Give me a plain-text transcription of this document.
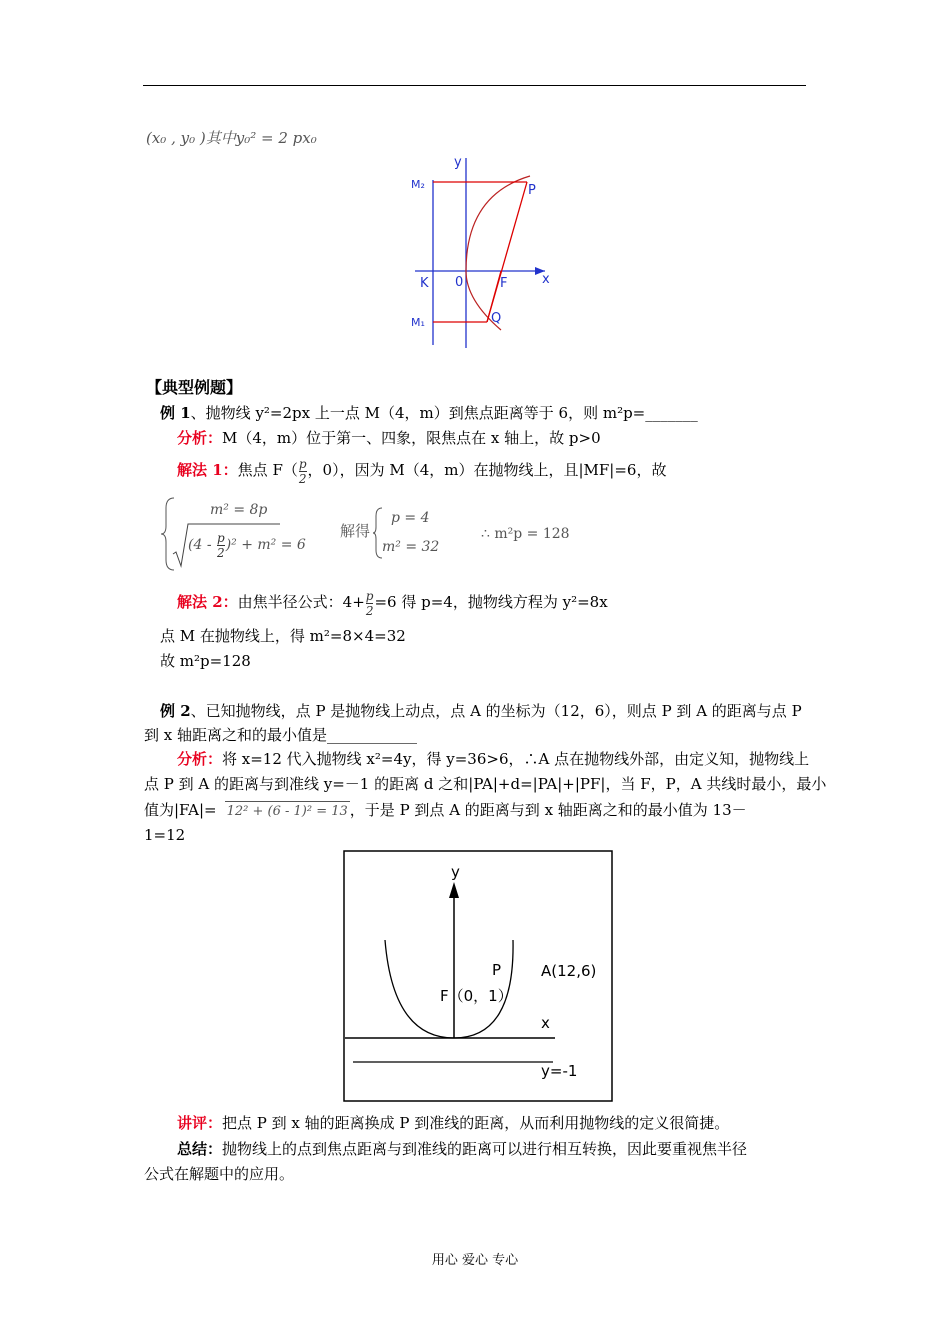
(x₀ , y₀ )其中y₀² = 2 px₀
y
x
M₂
M₁
K 0	F
P
Q
【典型例题】
例 1、抛物线 y²=2px 上一点 M（4，m）到焦点距离等于 6，则 m²p=_______
分析：M（4，m）位于第一、四象，限焦点在 x 轴上，故 p>0
解法 1：焦点 $F( \frac{p}{2}$ ，0），因为 M（4，m）在抛物线上，且|MF|=6，故
m² = 8p
$(4 - \frac{p}{2} )^2 + m^2 = 6$
解得
p = 4
m² = 32
∴ m²p = 128
解法 2：由焦半径公式：$4+ \frac{p}{2} =6$ 得 p=4，抛物线方程为 y²=8x
点 M 在抛物线上，得 m²=8×4=32
故 m²p=128
例 2、已知抛物线，点 P 是抛物线上动点，点 A 的坐标为（12，6），则点 P 到 A 的距离与点 P
到 x 轴距离之和的最小值是____________
分析：将 x=12 代入抛物线 x²=4y，得 y=36>6，∴A 点在抛物线外部，由定义知，抛物线上
点 P 到 A 的距离与到准线 y=－1 的距离 d 之和|PA|+d=|PA|+|PF|，当 F，P，A 共线时最小，最小
值为|FA|= 12² + (6 - 1)² = 13 ，于是 P 到点 A 的距离与到 x 轴距离之和的最小值为 13－
1=12
y
x
P	A(12,6)
F（0，1）
y=-1
讲评：把点 P 到 x 轴的距离换成 P 到准线的距离，从而利用抛物线的定义很简捷。
总结：抛物线上的点到焦点距离与到准线的距离可以进行相互转换，因此要重视焦半径
公式在解题中的应用。
用心 爱心 专心
